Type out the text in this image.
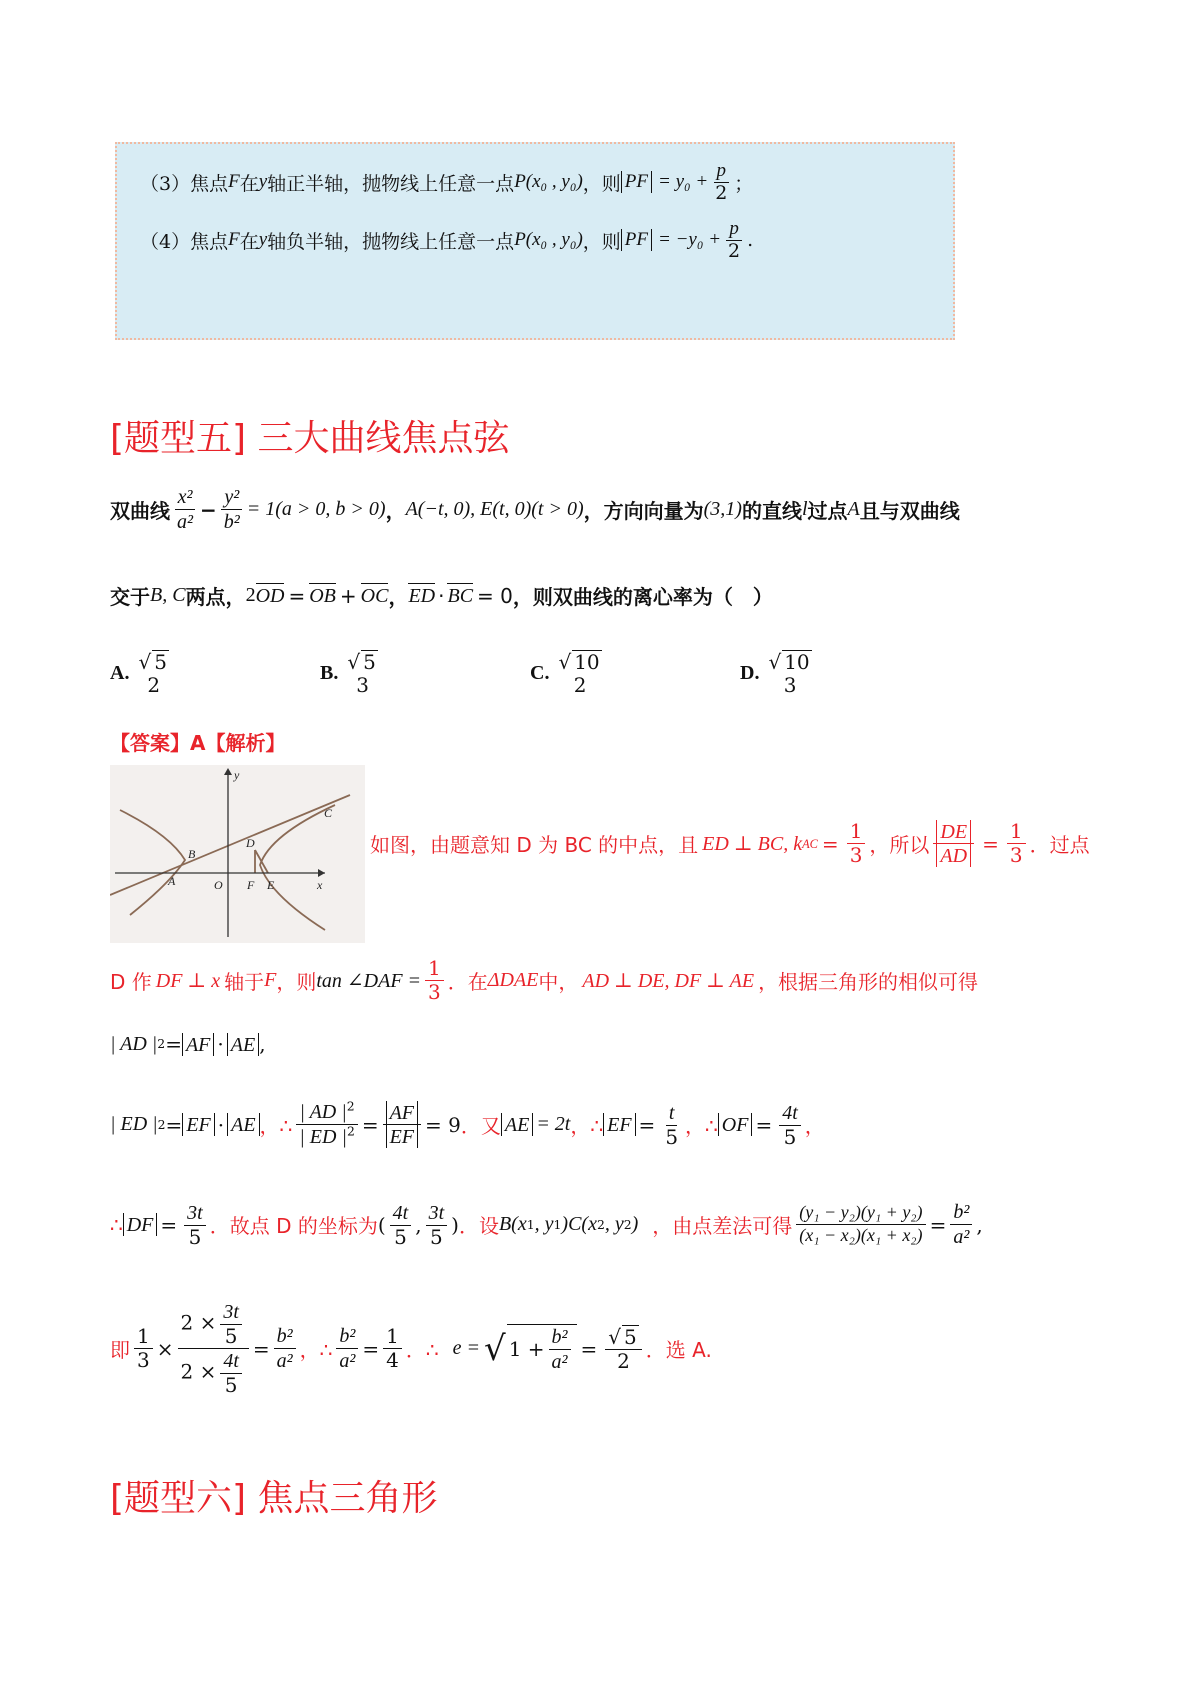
（3） 焦点 F 在 y 轴正半轴，抛物线上任意一点 P (x₀ , y₀) ，则 PF = $y_0 + \frac{p}{2}$ ；
（4） 焦点 F 在 y 轴负半轴，抛物线上任意一点 P (x₀ , y₀) ，则 PF = $-y_0 + \frac{p}{2}$ .
[题型五] 三大曲线焦点弦
双曲线 $\frac{\text{x²}}{\text{a²}} - \frac{\text{y²}}{\text{b²}} = 1(a > 0$, b > 0) ， A(−t, 0), E(t, 0)(t > 0) ，方向向量为 (3,1) 的直线 l 过点 A 且与双曲线
交于 B, C 两点， 2 OD = OB + OC ， ED · BC = 0 ，则双曲线的离心率为（　）
A. √ 5
2	B. √ 5
3	C. √ 10
2	D. √ 10
3
【答案】A【解析】
y
x
D
C
B
A	O F E
如图，由题意知 D 为 BC 的中点，且 ED ⊥ BC, k AC = $\frac{1}{3}$ ，所以 $\frac{DE}{AD} = \frac{1}{3}$ ．过点
D 作 DF ⊥ x 轴于 F ，则 tan ∠DAF = $\frac{1}{3}$ ．在 ΔDAE 中， AD ⊥ DE, DF ⊥ AE ，根据三角形的相似可得
| AD | 2 = AF · AE ,
| ED | 2 = EF · AE ，∴ $\frac{| AD |^2}{| ED |^2} = \frac{AF}{EF} = 9$ ．又 AE = 2t ，∴ EF = $\frac{t}{5}$ ，∴ OF = $\frac{4t}{5}$ ，
∴ DF = $\frac{3t}{5}$ ．故点 D 的坐标为 ( $\frac{4t}{5}$ , $\frac{3t}{5}$ ) ．设 B(x 1 , y 1 )C(x 2 , y 2 ) ，由点差法可得 $\frac{\text{(y₁ − y₂)(y₁ + y₂)}}{\text{(x₁ − x₂)(x₁ + x₂)}} = \frac{\text{b²}}{\text{a²}}$ ,
即 $\frac{1}{3} \times \frac{2 \times \frac{3t}{5}}{2 \times \frac{4t}{5}} = \frac{\text{b²}}{\text{a²}}$ ，∴ $\frac{\text{b²}}{\text{a²}} = \frac{1}{4}$ ．∴ e = √ $1 + \frac{\text{b²}}{\text{a²}} = \frac{√ 5}{2}$ ．选 A.
[题型六] 焦点三角形
